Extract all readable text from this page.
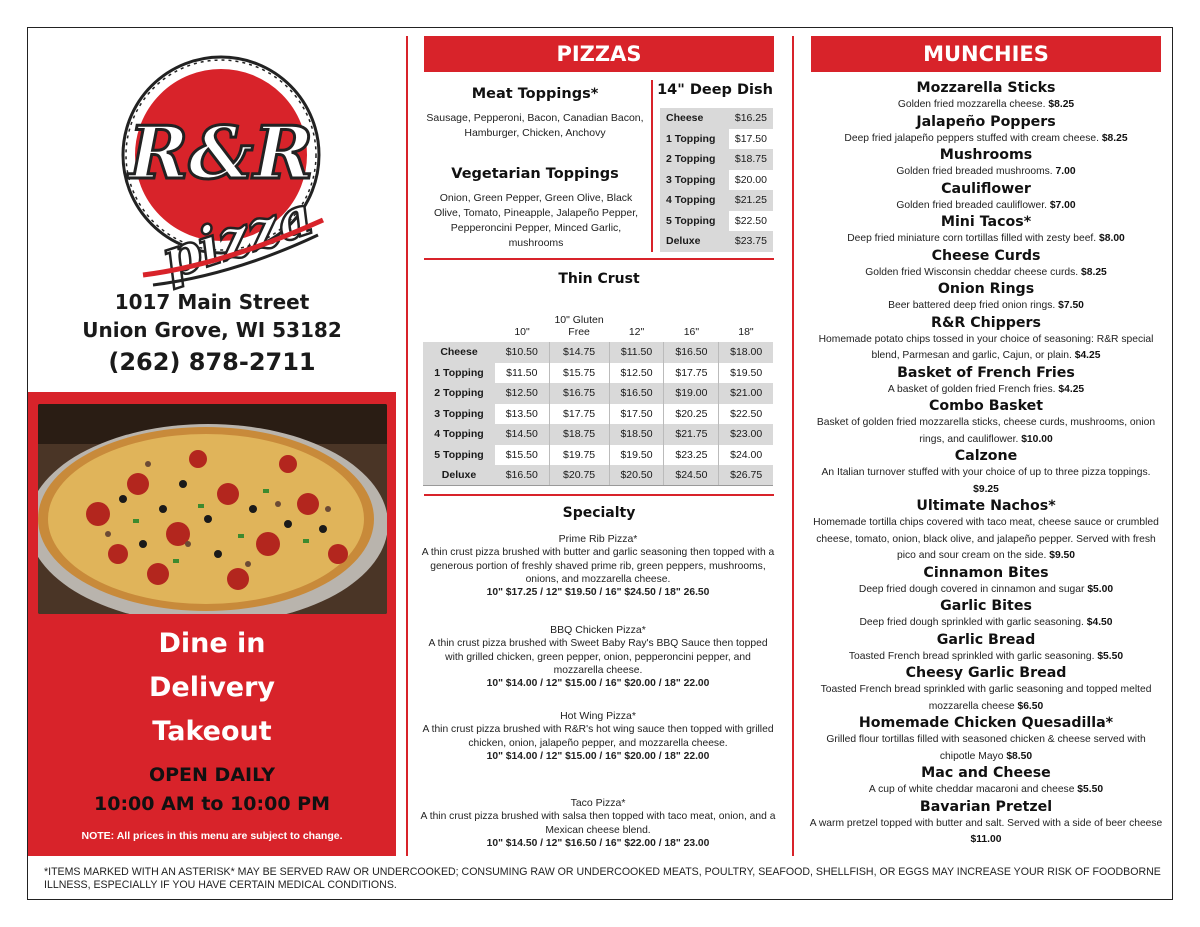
R&R
pizza
1017 Main Street
Union Grove, WI 53182
(262) 878-2711
Dine in
Delivery
Takeout
OPEN DAILY
10:00 AM to 10:00 PM
NOTE: All prices in this menu are subject to change.
PIZZAS
Meat Toppings*
Sausage, Pepperoni, Bacon, Canadian Bacon, Hamburger, Chicken, Anchovy
Vegetarian Toppings
Onion, Green Pepper, Green Olive, Black Olive, Tomato, Pineapple, Jalapeño Pepper, Pepperoncini Pepper, Minced Garlic, mushrooms
14" Deep Dish
Cheese	$16.25
1 Topping	$17.50
2 Topping	$18.75
3 Topping	$20.00
4 Topping	$21.25
5 Topping	$22.50
Deluxe	$23.75
Thin Crust
	10"	10" Gluten Free	12"	16"	18"
Cheese	$10.50	$14.75	$11.50	$16.50	$18.00
1 Topping	$11.50	$15.75	$12.50	$17.75	$19.50
2 Topping	$12.50	$16.75	$16.50	$19.00	$21.00
3 Topping	$13.50	$17.75	$17.50	$20.25	$22.50
4 Topping	$14.50	$18.75	$18.50	$21.75	$23.00
5 Topping	$15.50	$19.75	$19.50	$23.25	$24.00
Deluxe	$16.50	$20.75	$20.50	$24.50	$26.75
Specialty
Prime Rib Pizza*
A thin crust pizza brushed with butter and garlic seasoning then topped with a generous portion of freshly shaved prime rib, green peppers, mushrooms, onions, and mozzarella cheese.
10" $17.25 / 12" $19.50 / 16" $24.50 / 18" 26.50
BBQ Chicken Pizza*
A thin crust pizza brushed with Sweet Baby Ray's BBQ Sauce then topped with grilled chicken, green pepper, onion, pepperoncini pepper, and mozzarella cheese.
10" $14.00 / 12" $15.00 / 16" $20.00 / 18" 22.00
Hot Wing Pizza*
A thin crust pizza brushed with R&R's hot wing sauce then topped with grilled chicken, onion, jalapeño pepper, and mozzarella cheese.
10" $14.00 / 12" $15.00 / 16" $20.00 / 18" 22.00
Taco Pizza*
A thin crust pizza brushed with salsa then topped with taco meat, onion, and a Mexican cheese blend.
10" $14.50 / 12" $16.50 / 16" $22.00 / 18" 23.00
MUNCHIES
Mozzarella Sticks
Golden fried mozzarella cheese. $8.25
Jalapeño Poppers
Deep fried jalapeño peppers stuffed with cream cheese. $8.25
Mushrooms
Golden fried breaded mushrooms. 7.00
Cauliflower
Golden fried breaded cauliflower. $7.00
Mini Tacos*
Deep fried miniature corn tortillas filled with zesty beef. $8.00
Cheese Curds
Golden fried Wisconsin cheddar cheese curds. $8.25
Onion Rings
Beer battered deep fried onion rings. $7.50
R&R Chippers
Homemade potato chips tossed in your choice of seasoning: R&R special blend, Parmesan and garlic, Cajun, or plain. $4.25
Basket of French Fries
A basket of golden fried French fries. $4.25
Combo Basket
Basket of golden fried mozzarella sticks, cheese curds, mushrooms, onion rings, and cauliflower. $10.00
Calzone
An Italian turnover stuffed with your choice of up to three pizza toppings. $9.25
Ultimate Nachos*
Homemade tortilla chips covered with taco meat, cheese sauce or crumbled cheese, tomato, onion, black olive, and jalapeño pepper. Served with fresh pico and sour cream on the side. $9.50
Cinnamon Bites
Deep fried dough covered in cinnamon and sugar $5.00
Garlic Bites
Deep fried dough sprinkled with garlic seasoning. $4.50
Garlic Bread
Toasted French bread sprinkled with garlic seasoning. $5.50
Cheesy Garlic Bread
Toasted French bread sprinkled with garlic seasoning and topped melted mozzarella cheese $6.50
Homemade Chicken Quesadilla*
Grilled flour tortillas filled with seasoned chicken & cheese served with chipotle Mayo $8.50
Mac and Cheese
A cup of white cheddar macaroni and cheese $5.50
Bavarian Pretzel
A warm pretzel topped with butter and salt. Served with a side of beer cheese $11.00
*ITEMS MARKED WITH AN ASTERISK* MAY BE SERVED RAW OR UNDERCOOKED; CONSUMING RAW OR UNDERCOOKED MEATS, POULTRY, SEAFOOD, SHELLFISH, OR EGGS MAY INCREASE YOUR RISK OF FOODBORNE ILLNESS, ESPECIALLY IF YOU HAVE CERTAIN MEDICAL CONDITIONS.
